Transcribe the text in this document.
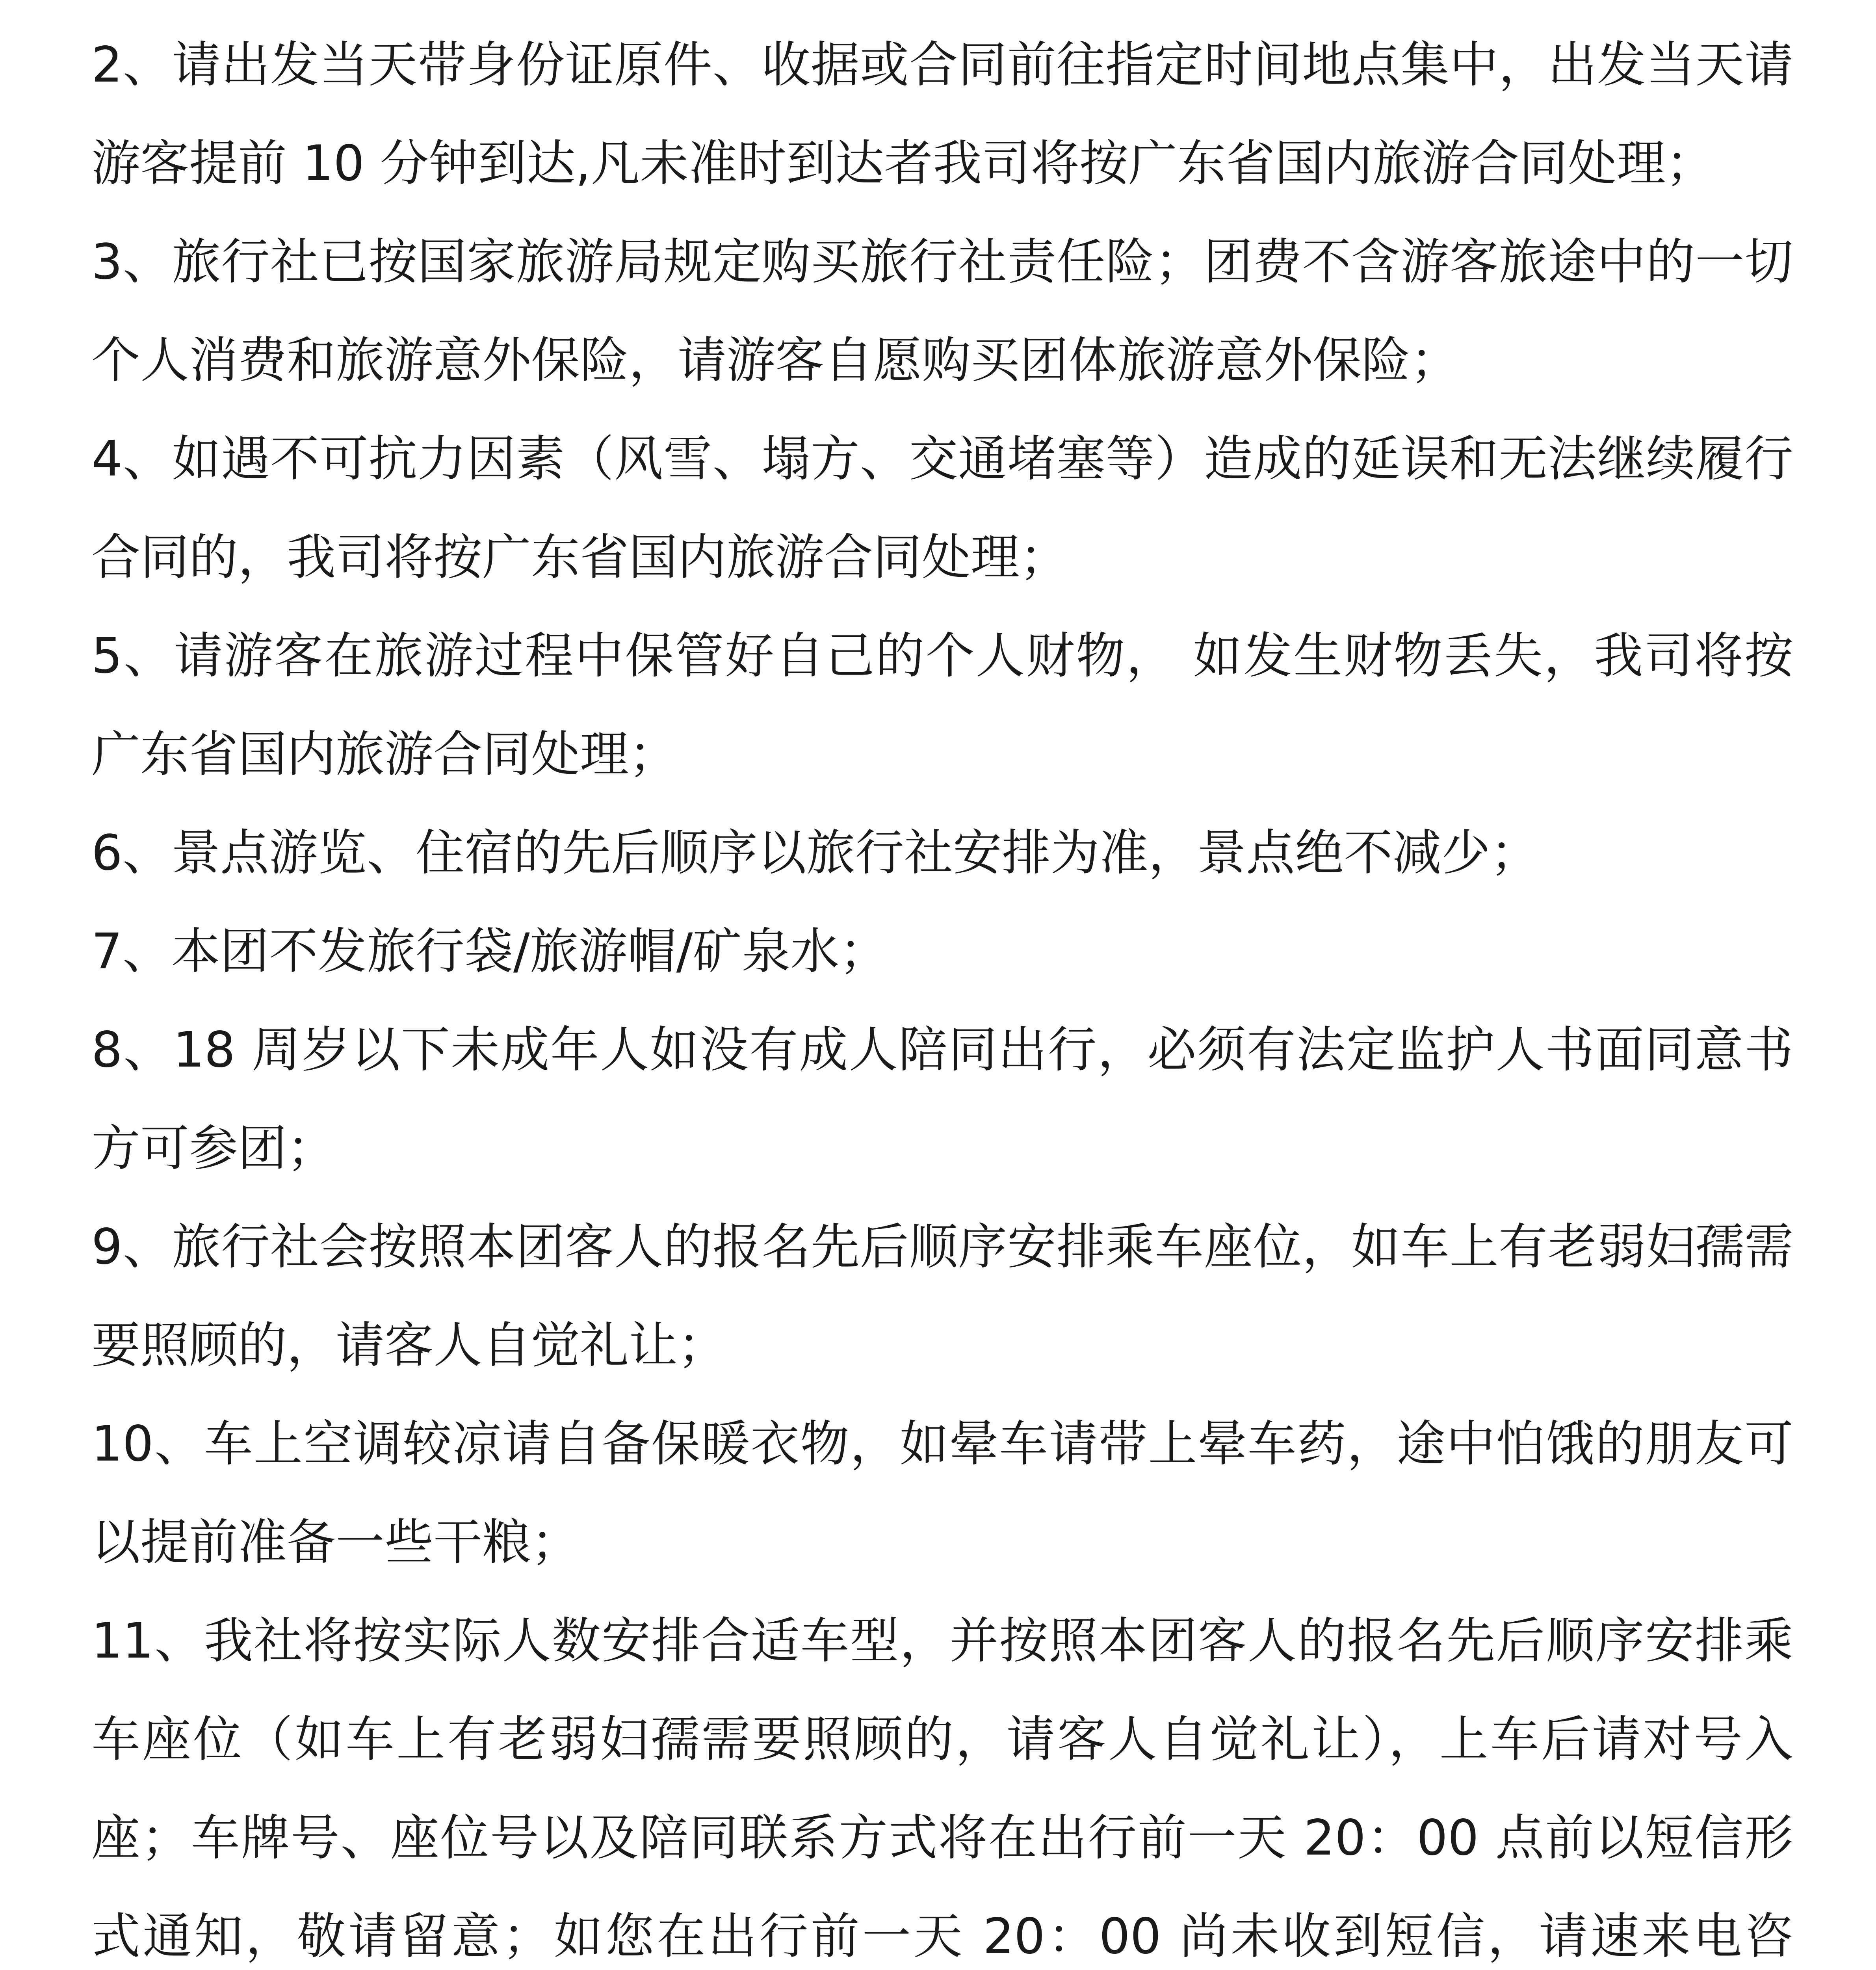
2、请出发当天带身份证原件、收据或合同前往指定时间地点集中，出发当天请游客提前 10 分钟到达,凡未准时到达者我司将按广东省国内旅游合同处理；

3、旅行社已按国家旅游局规定购买旅行社责任险；团费不含游客旅途中的一切个人消费和旅游意外保险，请游客自愿购买团体旅游意外保险；

4、如遇不可抗力因素（风雪、塌方、交通堵塞等）造成的延误和无法继续履行合同的，我司将按广东省国内旅游合同处理；

5、请游客在旅游过程中保管好自己的个人财物， 如发生财物丢失，我司将按广东省国内旅游合同处理；

6、景点游览、住宿的先后顺序以旅行社安排为准，景点绝不减少；

7、本团不发旅行袋/旅游帽/矿泉水；

8、18 周岁以下未成年人如没有成人陪同出行，必须有法定监护人书面同意书方可参团；

9、旅行社会按照本团客人的报名先后顺序安排乘车座位，如车上有老弱妇孺需要照顾的，请客人自觉礼让；

10、车上空调较凉请自备保暖衣物，如晕车请带上晕车药，途中怕饿的朋友可以提前准备一些干粮；

11、我社将按实际人数安排合适车型，并按照本团客人的报名先后顺序安排乘车座位（如车上有老弱妇孺需要照顾的，请客人自觉礼让），上车后请对号入座；车牌号、座位号以及陪同联系方式将在出行前一天 20：00 点前以短信形式通知，敬请留意；如您在出行前一天 20：00 尚未收到短信，请速来电咨
